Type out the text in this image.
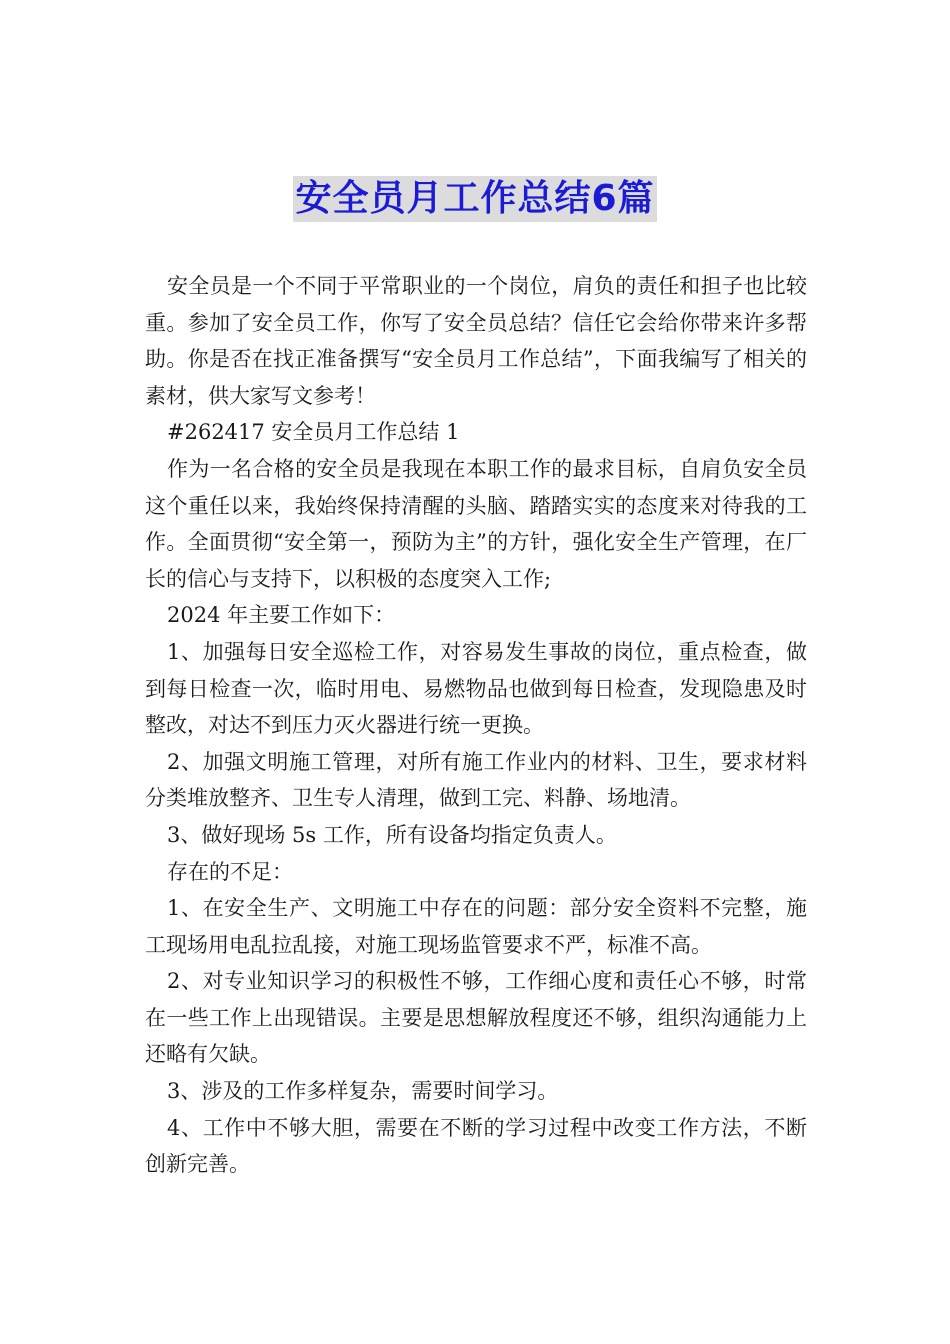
安全员月工作总结6篇

安全员是一个不同于平常职业的一个岗位，肩负的责任和担子也比较重。参加了安全员工作，你写了安全员总结？信任它会给你带来许多帮助。你是否在找正准备撰写“安全员月工作总结”，下面我编写了相关的素材，供大家写文参考！

#262417 安全员月工作总结 1

作为一名合格的安全员是我现在本职工作的最求目标，自肩负安全员这个重任以来，我始终保持清醒的头脑、踏踏实实的态度来对待我的工作。全面贯彻“安全第一，预防为主”的方针，强化安全生产管理，在厂长的信心与支持下，以积极的态度突入工作;

2024 年主要工作如下：

1、加强每日安全巡检工作，对容易发生事故的岗位，重点检查，做到每日检查一次，临时用电、易燃物品也做到每日检查，发现隐患及时整改，对达不到压力灭火器进行统一更换。

2、加强文明施工管理，对所有施工作业内的材料、卫生，要求材料分类堆放整齐、卫生专人清理，做到工完、料静、场地清。

3、做好现场 5s 工作，所有设备均指定负责人。

存在的不足：

1、在安全生产、文明施工中存在的问题：部分安全资料不完整，施工现场用电乱拉乱接，对施工现场监管要求不严，标准不高。

2、对专业知识学习的积极性不够，工作细心度和责任心不够，时常在一些工作上出现错误。主要是思想解放程度还不够，组织沟通能力上还略有欠缺。

3、涉及的工作多样复杂，需要时间学习。

4、工作中不够大胆，需要在不断的学习过程中改变工作方法，不断创新完善。
